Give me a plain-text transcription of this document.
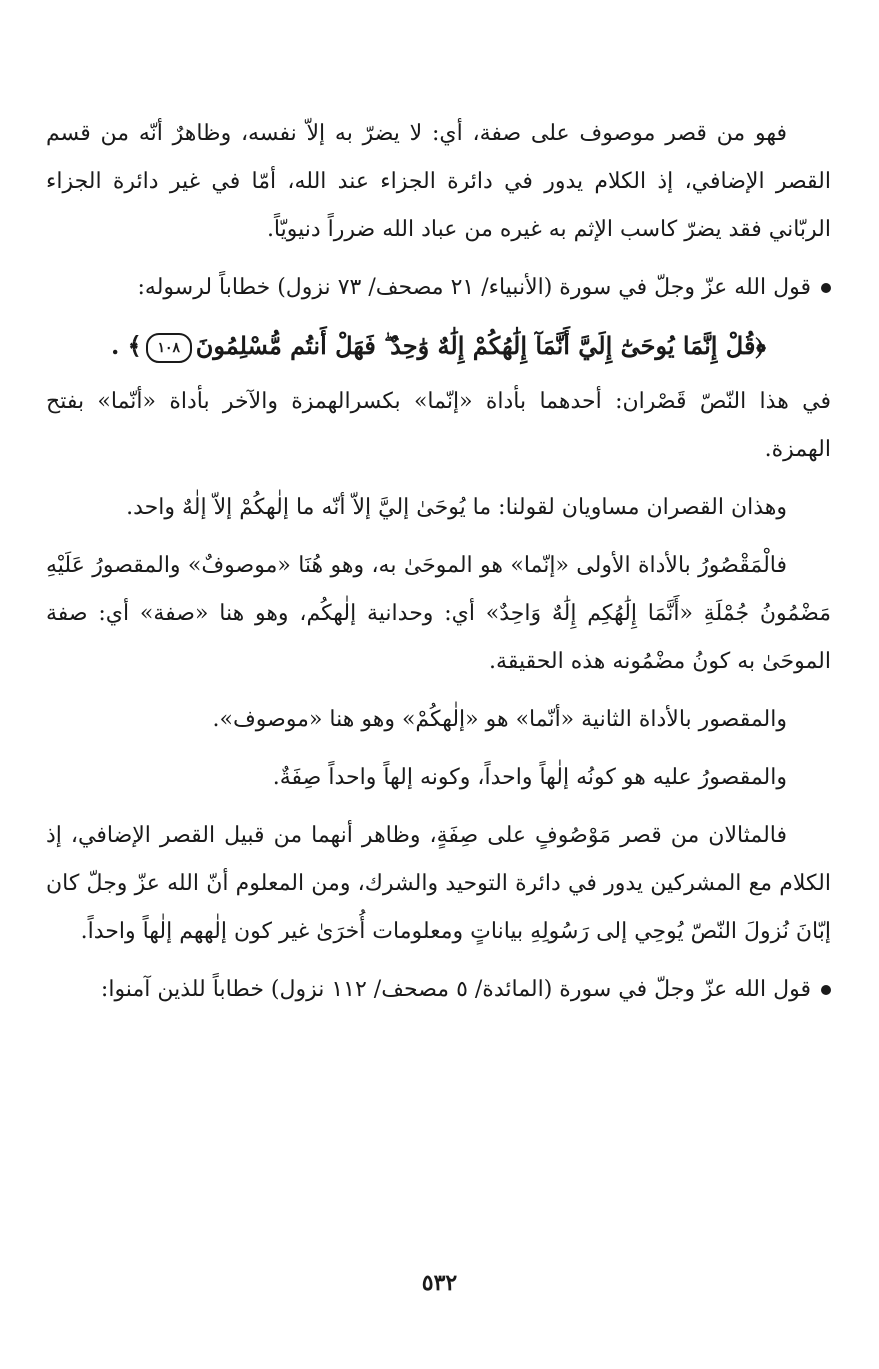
فهو من قصر موصوف على صفة، أي: لا يضرّ به إلاّ نفسه، وظاهرٌ أنّه من قسم القصر الإضافي، إذ الكلام يدور في دائرة الجزاء عند الله، أمّا في غير دائرة الجزاء الربّاني فقد يضرّ كاسب الإثم به غيره من عباد الله ضرراً دنيويّاً.

قول الله عزّ وجلّ في سورة (الأنبياء/ ٢١ مصحف/ ٧٣ نزول) خطاباً لرسوله:

﴿قُلْ إِنَّمَا يُوحَىٰٓ إِلَيَّ أَنَّمَآ إِلَٰهُكُمْ إِلَٰهٌ وَٰحِدٌ ۖ فَهَلْ أَنتُم مُّسْلِمُونَ١٠٨﴾ .

في هذا النّصّ قَصْران: أحدهما بأداة «إنّما» بكسرالهمزة والآخر بأداة «أنّما» بفتح الهمزة.

وهذان القصران مساويان لقولنا: ما يُوحَىٰ إليَّ إلاّ أنّه ما إلٰهكُمْ إلاّ إلٰهٌ واحد.

فالْمَقْصُورُ بالأداة الأولى «إنّما» هو الموحَىٰ به، وهو هُنَا «موصوفٌ» والمقصورُ عَلَيْهِ مَضْمُونُ جُمْلَةِ «أَنَّمَا إِلَٰهُكِم إِلَٰهٌ وَاحِدٌ» أي: وحدانية إلٰهكُم، وهو هنا «صفة» أي: صفة الموحَىٰ به كونُ مضْمُونه هذه الحقيقة.

والمقصور بالأداة الثانية «أنّما» هو «إلٰهكُمْ» وهو هنا «موصوف».

والمقصورُ عليه هو كونُه إلٰهاً واحداً، وكونه إلهاً واحداً صِفَةٌ.

فالمثالان من قصر مَوْصُوفٍ على صِفَةٍ، وظاهر أنهما من قبيل القصر الإضافي، إذ الكلام مع المشركين يدور في دائرة التوحيد والشرك، ومن المعلوم أنّ الله عزّ وجلّ كان إبّانَ نُزولَ النّصّ يُوحِي إلى رَسُولِهِ بياناتٍ ومعلومات أُخرَىٰ غير كون إلٰههم إلٰهاً واحداً.

قول الله عزّ وجلّ في سورة (المائدة/ ٥ مصحف/ ١١٢ نزول) خطاباً للذين آمنوا:

٥٣٢
